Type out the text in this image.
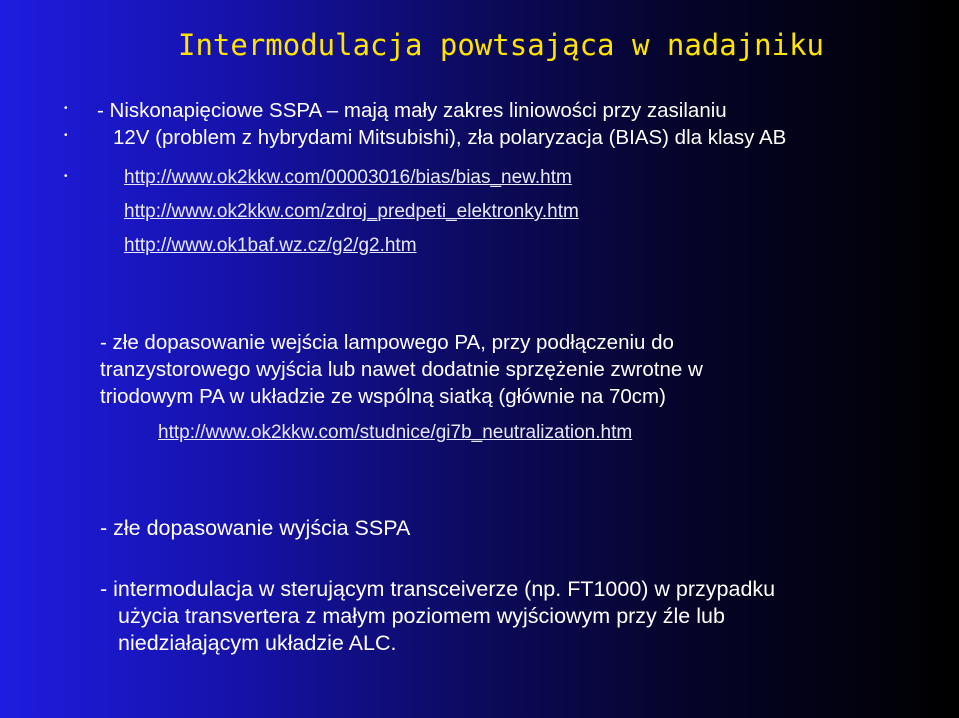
Intermodulacja powtsająca w nadajniku
•
•
•
- Niskonapięciowe SSPA – mają mały zakres liniowości przy zasilaniu
12V (problem z hybrydami Mitsubishi), zła polaryzacja (BIAS) dla klasy AB
http://www.ok2kkw.com/00003016/bias/bias_new.htm
http://www.ok2kkw.com/zdroj_predpeti_elektronky.htm
http://www.ok1baf.wz.cz/g2/g2.htm
- złe dopasowanie wejścia lampowego PA, przy podłączeniu do
tranzystorowego wyjścia lub nawet dodatnie sprzężenie zwrotne w
triodowym PA w układzie ze wspólną siatką (głównie na 70cm)
http://www.ok2kkw.com/studnice/gi7b_neutralization.htm
- złe dopasowanie wyjścia SSPA
- intermodulacja w sterującym transceiverze (np. FT1000) w przypadku
użycia transvertera z małym poziomem wyjściowym przy źle lub
niedziałającym układzie ALC.
